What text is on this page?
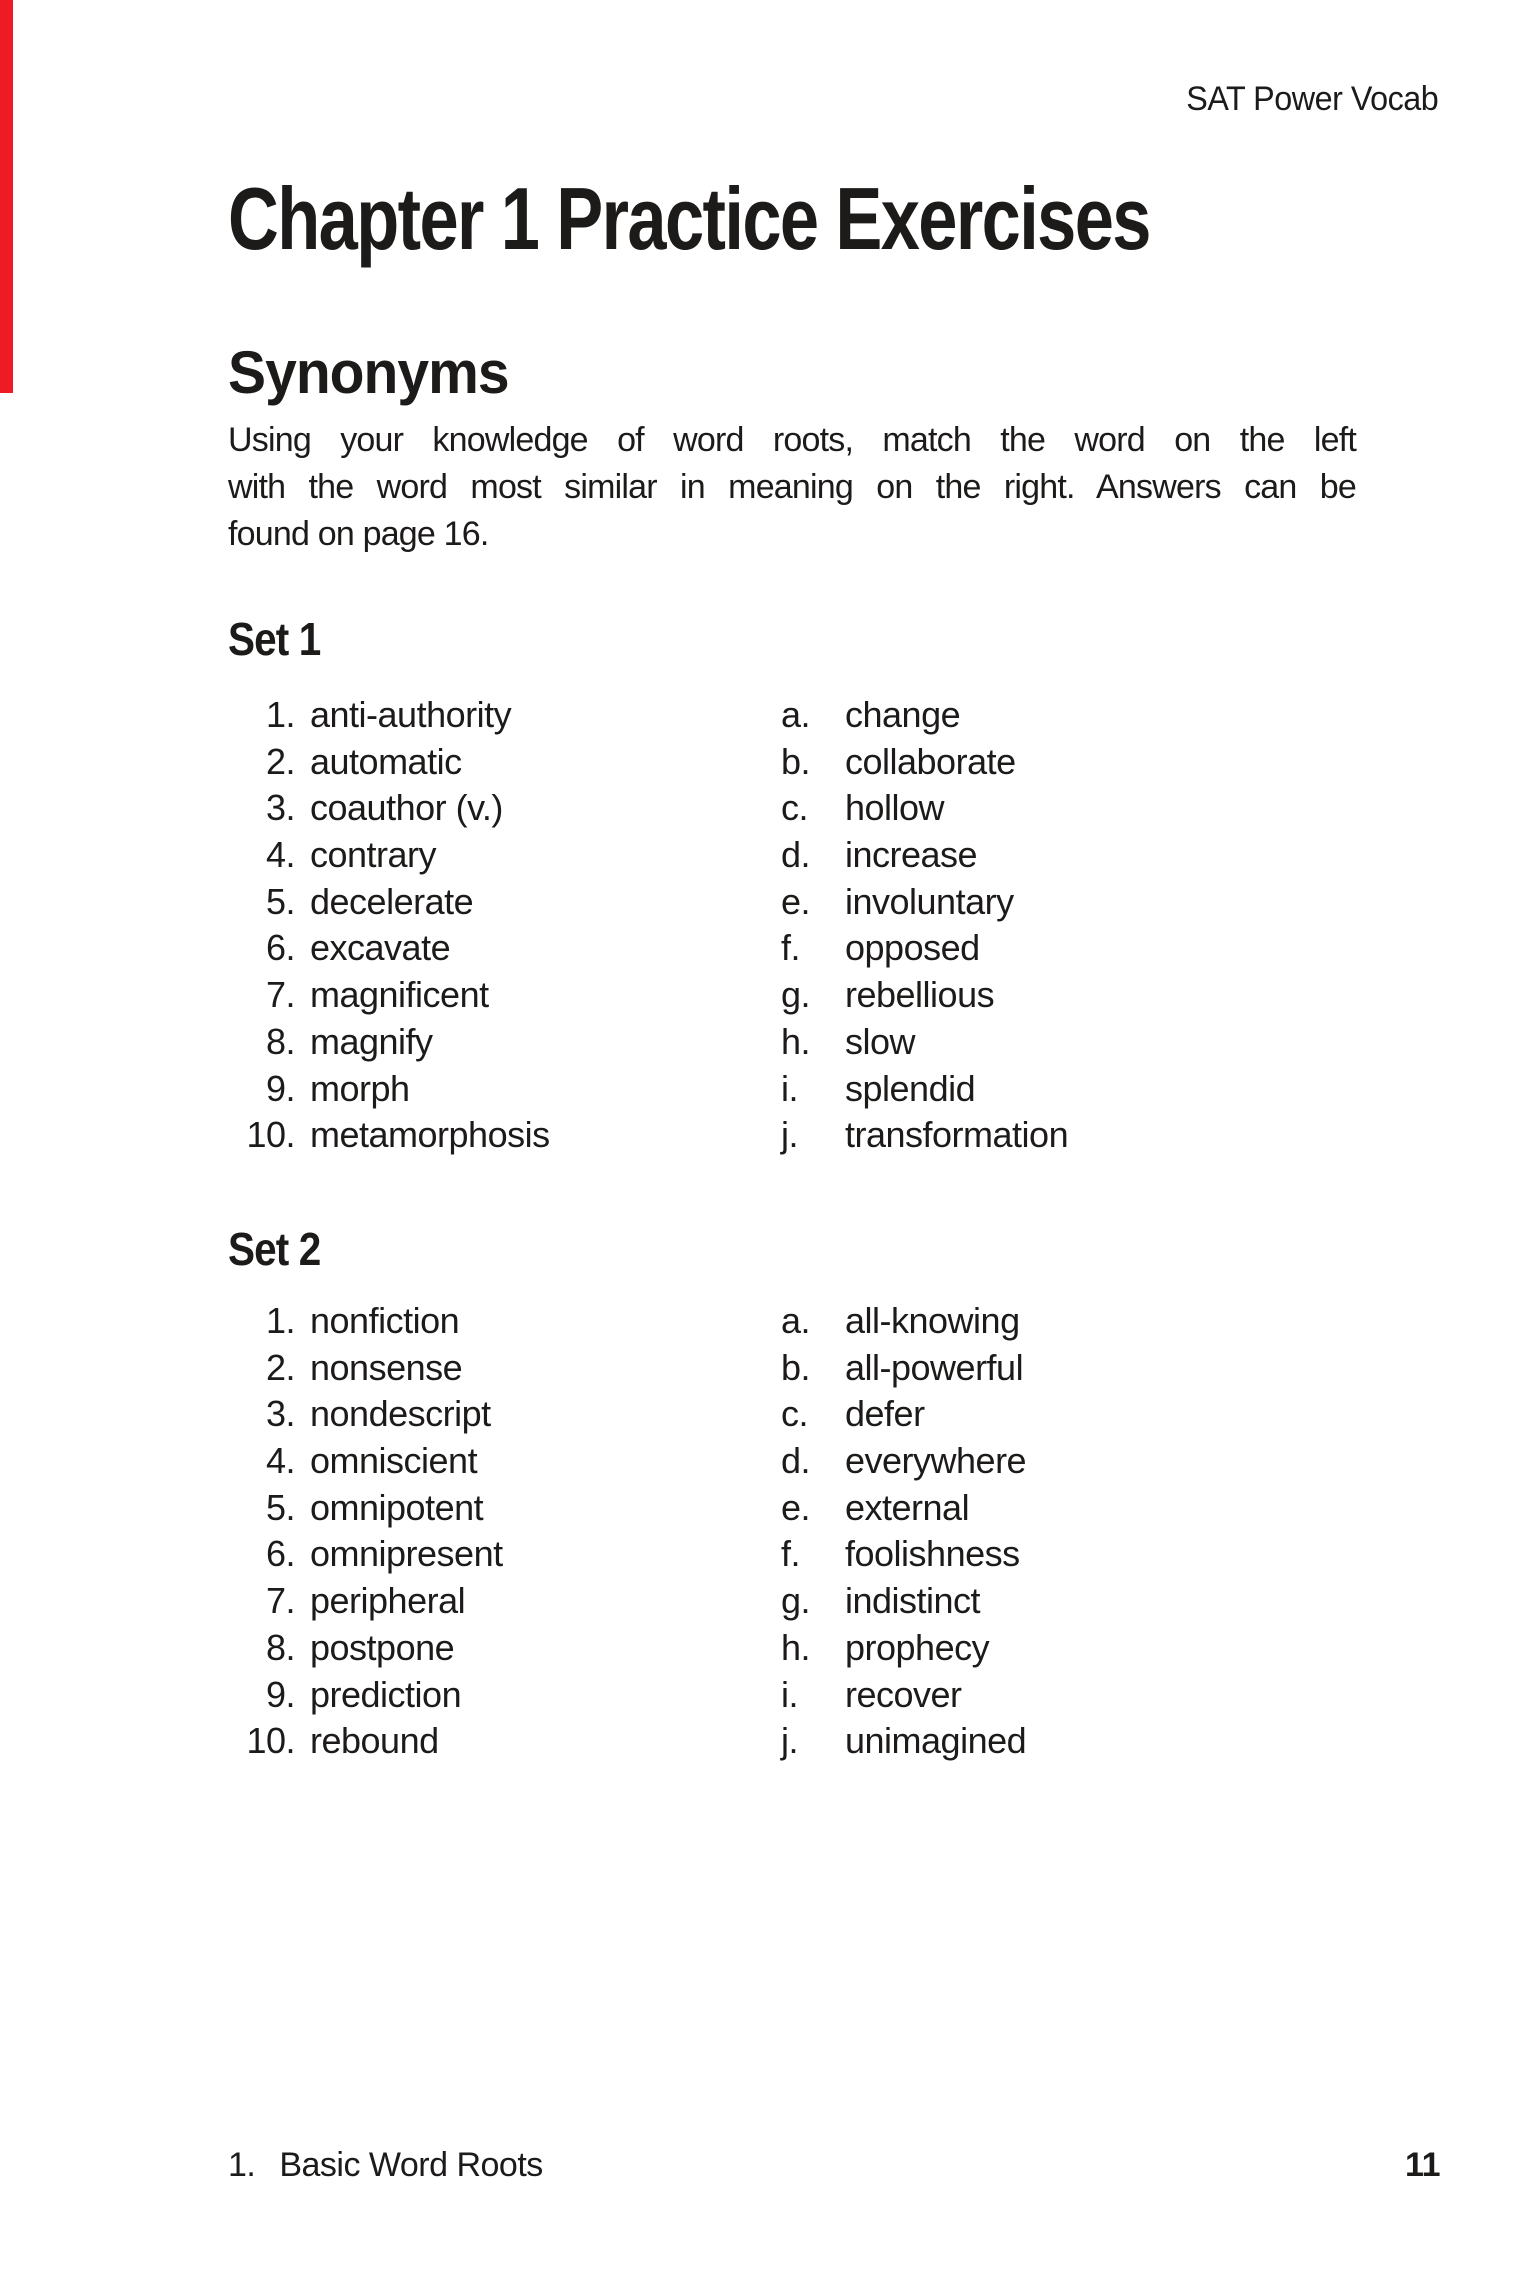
SAT Power Vocab
Chapter 1 Practice Exercises
Synonyms
Using your knowledge of word roots, match the word on the left
with the word most similar in meaning on the right. Answers can be
found on page 16.
Set 1
1. anti-authority	a. change
2. automatic	b. collaborate
3. coauthor (v.)	c.	hollow
4. contrary	d. increase
5. decelerate	e. involuntary
6. excavate	f.	opposed
7. magnificent	g. rebellious
8. magnify	h. slow
9. morph	i.	splendid
10. metamorphosis	j.	transformation
Set 2
1. nonfiction	a. all-knowing
2. nonsense	b. all-powerful
3. nondescript	c.	defer
4. omniscient	d. everywhere
5. omnipotent	e. external
6. omnipresent	f.	foolishness
7. peripheral	g. indistinct
8. postpone	h. prophecy
9. prediction	i.	recover
10. rebound	j.	unimagined
1. Basic Word Roots	11
